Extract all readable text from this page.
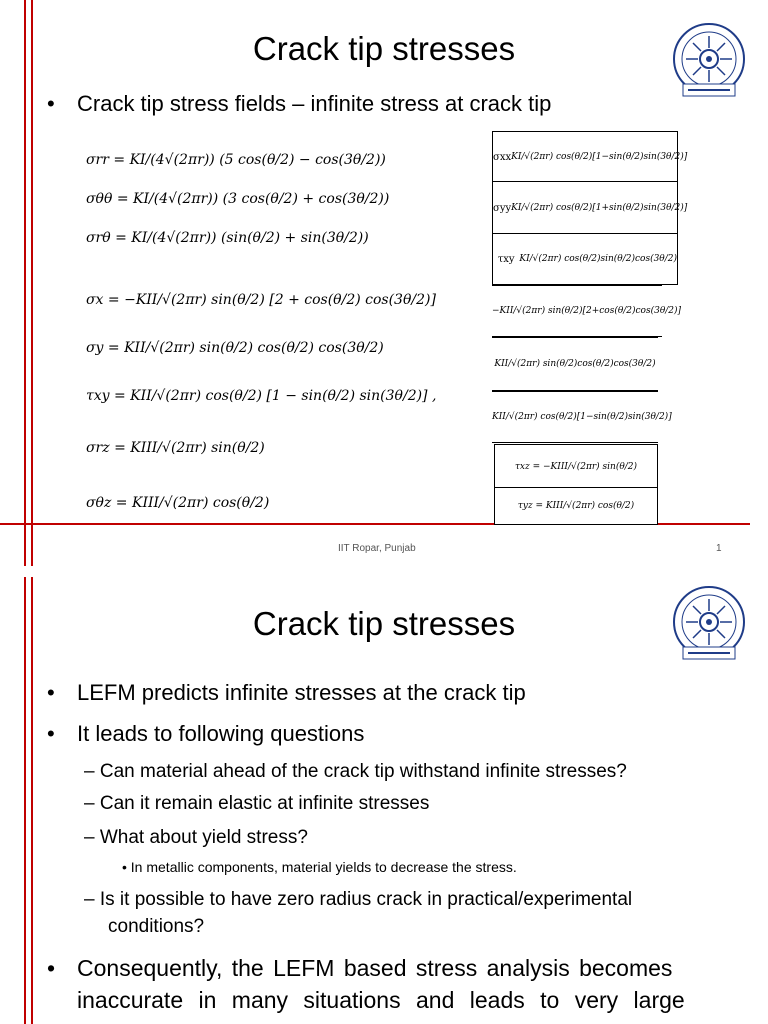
Crack tip stresses
• Crack tip stress fields – infinite stress at crack tip
σrr = KI/(4√(2πr)) (5 cos(θ/2) − cos(3θ/2))
σθθ = KI/(4√(2πr)) (3 cos(θ/2) + cos(3θ/2))
σrθ = KI/(4√(2πr)) (sin(θ/2) + sin(3θ/2))
σx = −KII/√(2πr) sin(θ/2) [2 + cos(θ/2) cos(3θ/2)]
σy = KII/√(2πr) sin(θ/2) cos(θ/2) cos(3θ/2)
τxy = KII/√(2πr) cos(θ/2) [1 − sin(θ/2) sin(3θ/2)] ,
σrz = KIII/√(2πr) sin(θ/2)
σθz = KIII/√(2πr) cos(θ/2)
σxx KI/√(2πr) cos(θ/2)[1−sin(θ/2)sin(3θ/2)]
σyy KI/√(2πr) cos(θ/2)[1+sin(θ/2)sin(3θ/2)]
τxy KI/√(2πr) cos(θ/2)sin(θ/2)cos(3θ/2)
−KII/√(2πr) sin(θ/2)[2+cos(θ/2)cos(3θ/2)]
KII/√(2πr) sin(θ/2)cos(θ/2)cos(3θ/2)
KII/√(2πr) cos(θ/2)[1−sin(θ/2)sin(3θ/2)]
τxz = −KIII/√(2πr) sin(θ/2)
τyz = KIII/√(2πr) cos(θ/2)
IIT Ropar, Punjab	1
Crack tip stresses
• LEFM predicts infinite stresses at the crack tip
• It leads to following questions
– Can material ahead of the crack tip withstand infinite stresses?
– Can it remain elastic at infinite stresses
– What about yield stress?
• In metallic components, material yields to decrease the stress.
– Is it possible to have zero radius crack in practical/experimental
conditions?
• Consequently, the LEFM based stress analysis becomes
inaccurate in many situations and leads to very large
